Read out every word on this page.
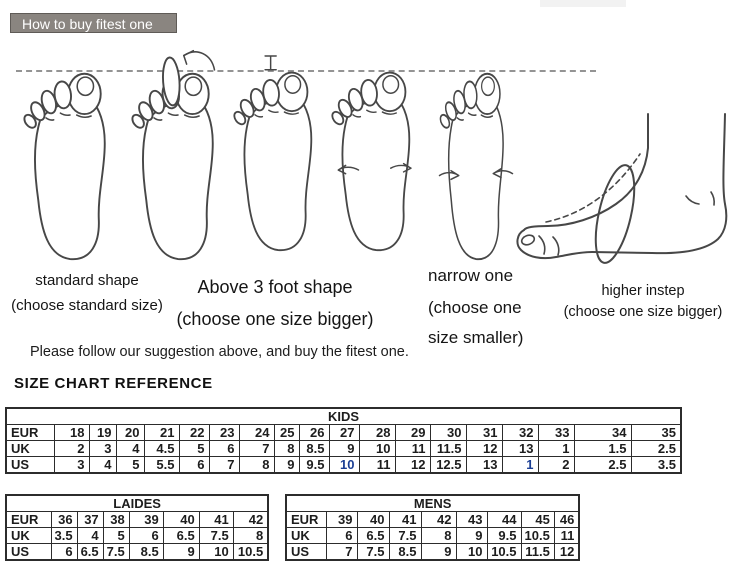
How to buy fitest one
standard shape
(choose standard size)
Above 3 foot shape
(choose one size bigger)
narrow one
(choose one size smaller)
higher instep
(choose one size bigger)
Please follow our suggestion above, and buy the fitest one.
SIZE CHART REFERENCE
KIDS																		
EUR	18	19	20	21	22	23	24	25	26	27	28	29	30	31	32	33	34	35
UK	2	3	4	4.5	5	6	7	8	8.5	9	10	11	11.5	12	13	1	1.5	2.5
US	3	4	5	5.5	6	7	8	9	9.5	10	11	12	12.5	13	1	2	2.5	3.5
LAIDES							
EUR	36	37	38	39	40	41	42
UK	3.5	4	5	6	6.5	7.5	8
US	6	6.5	7.5	8.5	9	10	10.5
MENS								
EUR	39	40	41	42	43	44	45	46
UK	6	6.5	7.5	8	9	9.5	10.5	11
US	7	7.5	8.5	9	10	10.5	11.5	12
